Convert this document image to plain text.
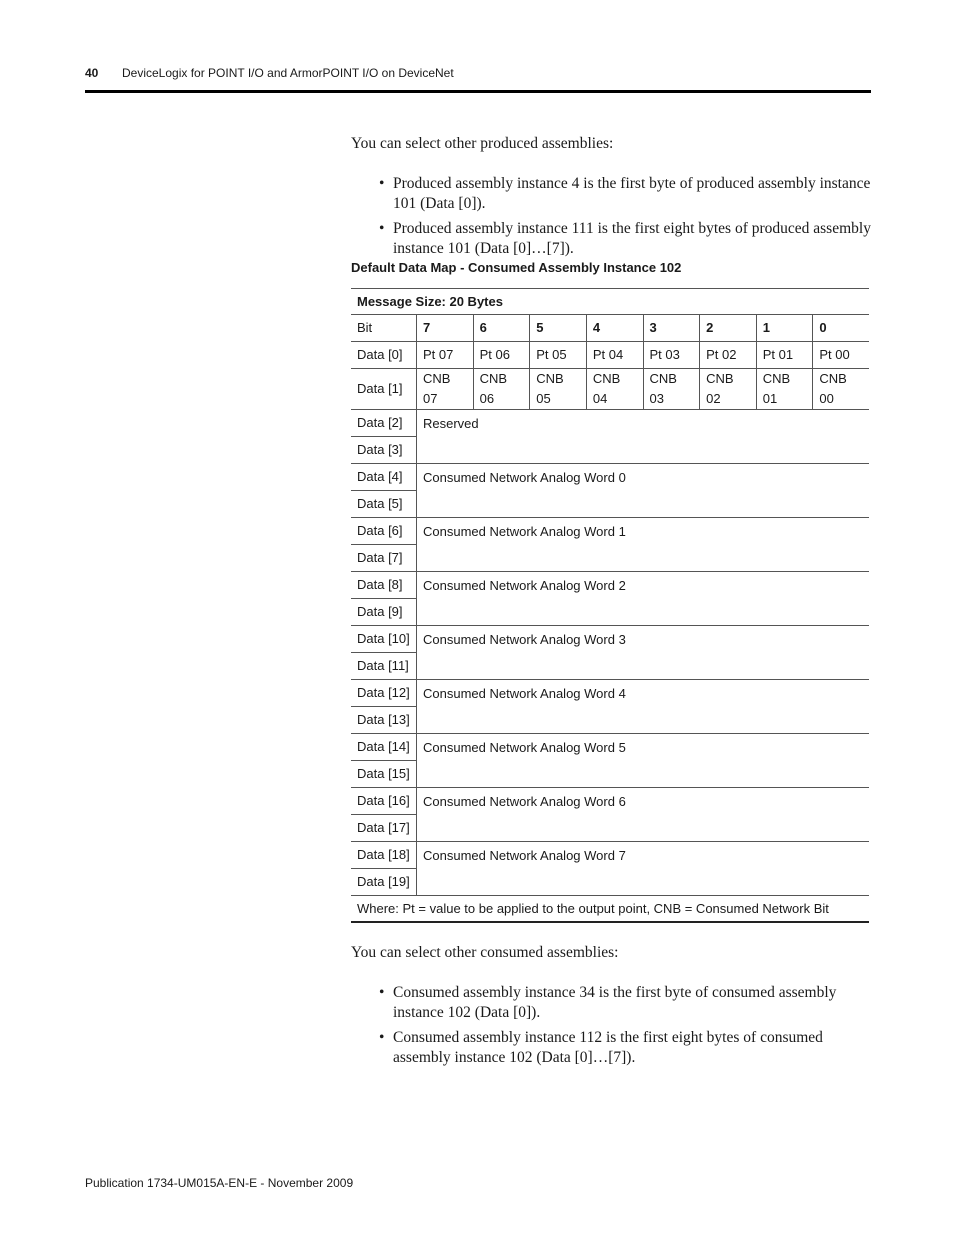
40 DeviceLogix for POINT I/O and ArmorPOINT I/O on DeviceNet

You can select other produced assemblies:

• Produced assembly instance 4 is the first byte of produced assembly instance 101 (Data [0]).
• Produced assembly instance 111 is the first eight bytes of produced assembly instance 101 (Data [0]…[7]).
Default Data Map - Consumed Assembly Instance 102
Message Size: 20 Bytes								
Bit	7	6	5	4	3	2	1	0
Data [0]	Pt 07	Pt 06	Pt 05	Pt 04	Pt 03	Pt 02	Pt 01	Pt 00
Data [1]	CNB 07	CNB 06	CNB 05	CNB 04	CNB 03	CNB 02	CNB 01	CNB 00
Data [2]	Reserved							
Data [3]								
Data [4]	Consumed Network Analog Word 0							
Data [5]								
Data [6]	Consumed Network Analog Word 1							
Data [7]								
Data [8]	Consumed Network Analog Word 2							
Data [9]								
Data [10]	Consumed Network Analog Word 3							
Data [11]								
Data [12]	Consumed Network Analog Word 4							
Data [13]								
Data [14]	Consumed Network Analog Word 5							
Data [15]								
Data [16]	Consumed Network Analog Word 6							
Data [17]								
Data [18]	Consumed Network Analog Word 7							
Data [19]								
Where: Pt = value to be applied to the output point, CNB = Consumed Network Bit								

You can select other consumed assemblies:

• Consumed assembly instance 34 is the first byte of consumed assembly instance 102 (Data [0]).
• Consumed assembly instance 112 is the first eight bytes of consumed assembly instance 102 (Data [0]…[7]).
Publication 1734-UM015A-EN-E - November 2009
